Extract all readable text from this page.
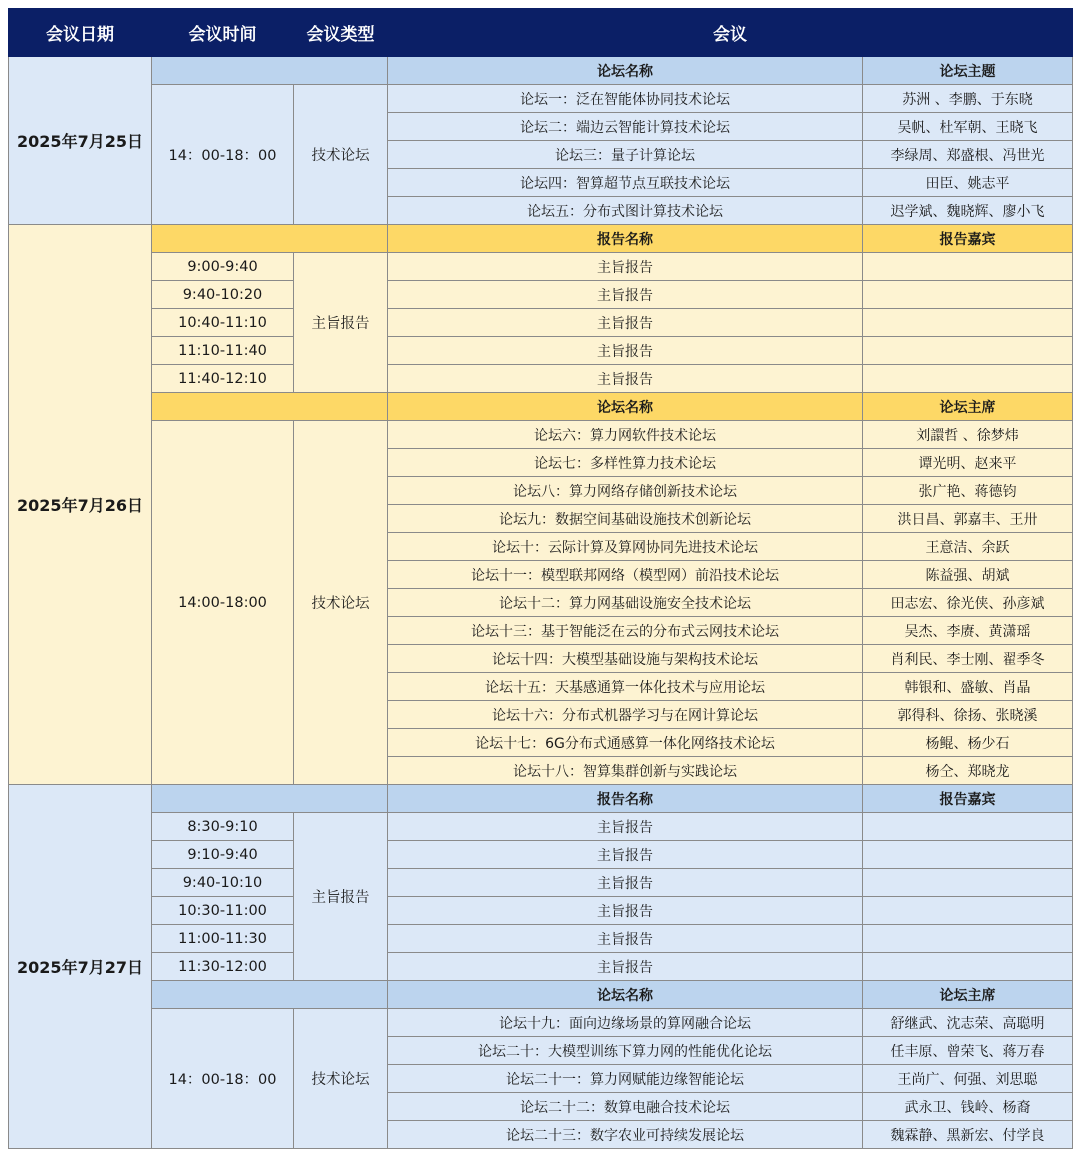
会议日期	会议时间	会议类型	会议	
2025年7月25日			论坛名称	论坛主题
	14：00-18：00	技术论坛	论坛一：泛在智能体协同技术论坛	苏洲 、李鹏、于东晓
			论坛二：端边云智能计算技术论坛	吴帆、杜军朝、王晓飞
			论坛三：量子计算论坛	李绿周、郑盛根、冯世光
			论坛四：智算超节点互联技术论坛	田臣、姚志平
			论坛五：分布式图计算技术论坛	迟学斌、魏晓辉、廖小飞
2025年7月26日			报告名称	报告嘉宾
	9:00-9:40	主旨报告	主旨报告	
	9:40-10:20		主旨报告	
	10:40-11:10		主旨报告	
	11:10-11:40		主旨报告	
	11:40-12:10		主旨报告	
			论坛名称	论坛主席
	14:00-18:00	技术论坛	论坛六：算力网软件技术论坛	刘譞哲 、徐梦炜
			论坛七：多样性算力技术论坛	谭光明、赵来平
			论坛八：算力网络存储创新技术论坛	张广艳、蒋德钧
			论坛九：数据空间基础设施技术创新论坛	洪日昌、郭嘉丰、王卅
			论坛十：云际计算及算网协同先进技术论坛	王意洁、余跃
			论坛十一：模型联邦网络（模型网）前沿技术论坛	陈益强、胡斌
			论坛十二：算力网基础设施安全技术论坛	田志宏、徐光侠、孙彦斌
			论坛十三：基于智能泛在云的分布式云网技术论坛	吴杰、李赓、黄潇瑶
			论坛十四：大模型基础设施与架构技术论坛	肖利民、李士刚、翟季冬
			论坛十五：天基感通算一体化技术与应用论坛	韩银和、盛敏、肖晶
			论坛十六：分布式机器学习与在网计算论坛	郭得科、徐扬、张晓溪
			论坛十七：6G分布式通感算一体化网络技术论坛	杨鲲、杨少石
			论坛十八：智算集群创新与实践论坛	杨仝、郑晓龙
2025年7月27日			报告名称	报告嘉宾
	8:30-9:10	主旨报告	主旨报告	
	9:10-9:40		主旨报告	
	9:40-10:10		主旨报告	
	10:30-11:00		主旨报告	
	11:00-11:30		主旨报告	
	11:30-12:00		主旨报告	
			论坛名称	论坛主席
	14：00-18：00	技术论坛	论坛十九：面向边缘场景的算网融合论坛	舒继武、沈志荣、高聪明
			论坛二十：大模型训练下算力网的性能优化论坛	任丰原、曾荣飞、蒋万春
			论坛二十一：算力网赋能边缘智能论坛	王尚广、何强、刘思聪
			论坛二十二：数算电融合技术论坛	武永卫、钱岭、杨裔
			论坛二十三：数字农业可持续发展论坛	魏霖静、黑新宏、付学良
